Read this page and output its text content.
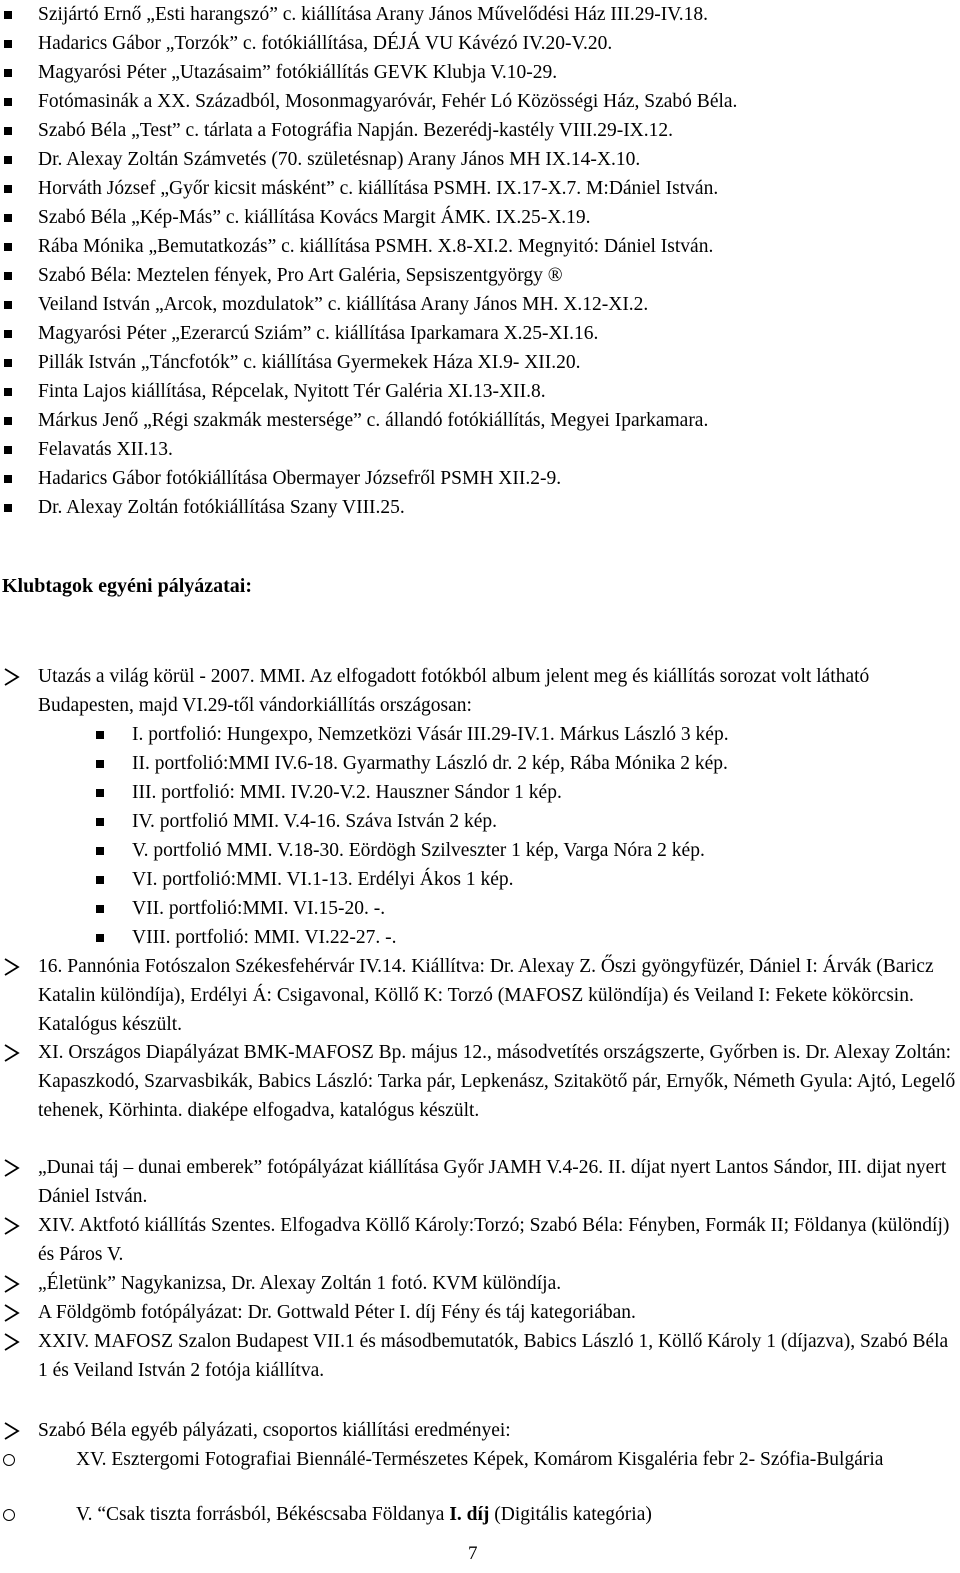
Szijártó Ernő „Esti harangszó” c. kiállítása Arany János Művelődési Ház III.29-IV.18.
Hadarics Gábor „Torzók” c. fotókiállítása, DÉJÁ VU Kávézó IV.20-V.20.
Magyarósi Péter „Utazásaim” fotókiállítás GEVK Klubja V.10-29.
Fotómasinák a XX. Századból, Mosonmagyaróvár, Fehér Ló Közösségi Ház, Szabó Béla.
Szabó Béla „Test” c. tárlata a Fotográfia Napján. Bezerédj-kastély VIII.29-IX.12.
Dr. Alexay Zoltán Számvetés (70. születésnap) Arany János MH IX.14-X.10.
Horváth József „Győr kicsit másként” c. kiállítása PSMH. IX.17-X.7. M:Dániel István.
Szabó Béla „Kép-Más” c. kiállítása Kovács Margit ÁMK. IX.25-X.19.
Rába Mónika „Bemutatkozás” c. kiállítása PSMH. X.8-XI.2. Megnyitó: Dániel István.
Szabó Béla: Meztelen fények, Pro Art Galéria, Sepsiszentgyörgy ®
Veiland István „Arcok, mozdulatok” c. kiállítása Arany János MH. X.12-XI.2.
Magyarósi Péter „Ezerarcú Sziám” c. kiállítása Iparkamara X.25-XI.16.
Pillák István „Táncfotók” c. kiállítása Gyermekek Háza XI.9- XII.20.
Finta Lajos kiállítása, Répcelak, Nyitott Tér Galéria XI.13-XII.8.
Márkus Jenő „Régi szakmák mestersége” c. állandó fotókiállítás, Megyei Iparkamara.
Felavatás XII.13.
Hadarics Gábor fotókiállítása Obermayer Józsefről PSMH XII.2-9.
Dr. Alexay Zoltán fotókiállítása Szany VIII.25.
Klubtagok egyéni pályázatai:
Utazás a világ körül - 2007. MMI. Az elfogadott fotókból album jelent meg és kiállítás sorozat volt látható Budapesten, majd VI.29-től vándorkiállítás országosan:
I. portfolió: Hungexpo, Nemzetközi Vásár III.29-IV.1. Márkus László 3 kép.
II. portfolió:MMI IV.6-18. Gyarmathy László dr. 2 kép, Rába Mónika 2 kép.
III. portfolió: MMI. IV.20-V.2. Hauszner Sándor 1 kép.
IV. portfolió MMI. V.4-16. Száva István 2 kép.
V. portfolió MMI. V.18-30. Eördögh Szilveszter 1 kép, Varga Nóra 2 kép.
VI. portfolió:MMI. VI.1-13. Erdélyi Ákos 1 kép.
VII. portfolió:MMI. VI.15-20. -.
VIII. portfolió: MMI. VI.22-27. -.
16. Pannónia Fotószalon Székesfehérvár IV.14. Kiállítva: Dr. Alexay Z. Őszi gyöngyfüzér, Dániel I: Árvák (Baricz Katalin különdíja), Erdélyi Á: Csigavonal, Köllő K: Torzó (MAFOSZ különdíja) és Veiland I: Fekete kökörcsin. Katalógus készült.
XI. Országos Diapályázat BMK-MAFOSZ Bp. május 12., másodvetítés országszerte, Győrben is. Dr. Alexay Zoltán: Kapaszkodó, Szarvasbikák, Babics László: Tarka pár, Lepkenász, Szitakötő pár, Ernyők, Németh Gyula: Ajtó, Legelő tehenek, Körhinta. diaképe elfogadva, katalógus készült.
„Dunai táj – dunai emberek” fotópályázat kiállítása Győr JAMH V.4-26. II. díjat nyert Lantos Sándor, III. dijat nyert Dániel István.
XIV. Aktfotó kiállítás Szentes. Elfogadva Köllő Károly:Torzó; Szabó Béla: Fényben, Formák II; Földanya (különdíj) és Páros V.
„Életünk” Nagykanizsa, Dr. Alexay Zoltán 1 fotó. KVM különdíja.
A Földgömb fotópályázat: Dr. Gottwald Péter I. díj Fény és táj kategoriában.
XXIV. MAFOSZ Szalon Budapest VII.1 és másodbemutatók, Babics László 1, Köllő Károly 1 (díjazva), Szabó Béla 1 és Veiland István 2 fotója kiállítva.
Szabó Béla egyéb pályázati, csoportos kiállítási eredményei:
XV. Esztergomi Fotografiai Biennálé-Természetes Képek, Komárom Kisgaléria febr 2- Szófia-Bulgária
V. “Csak tiszta forrásból, Békéscsaba Földanya I. díj (Digitális kategória)
7
